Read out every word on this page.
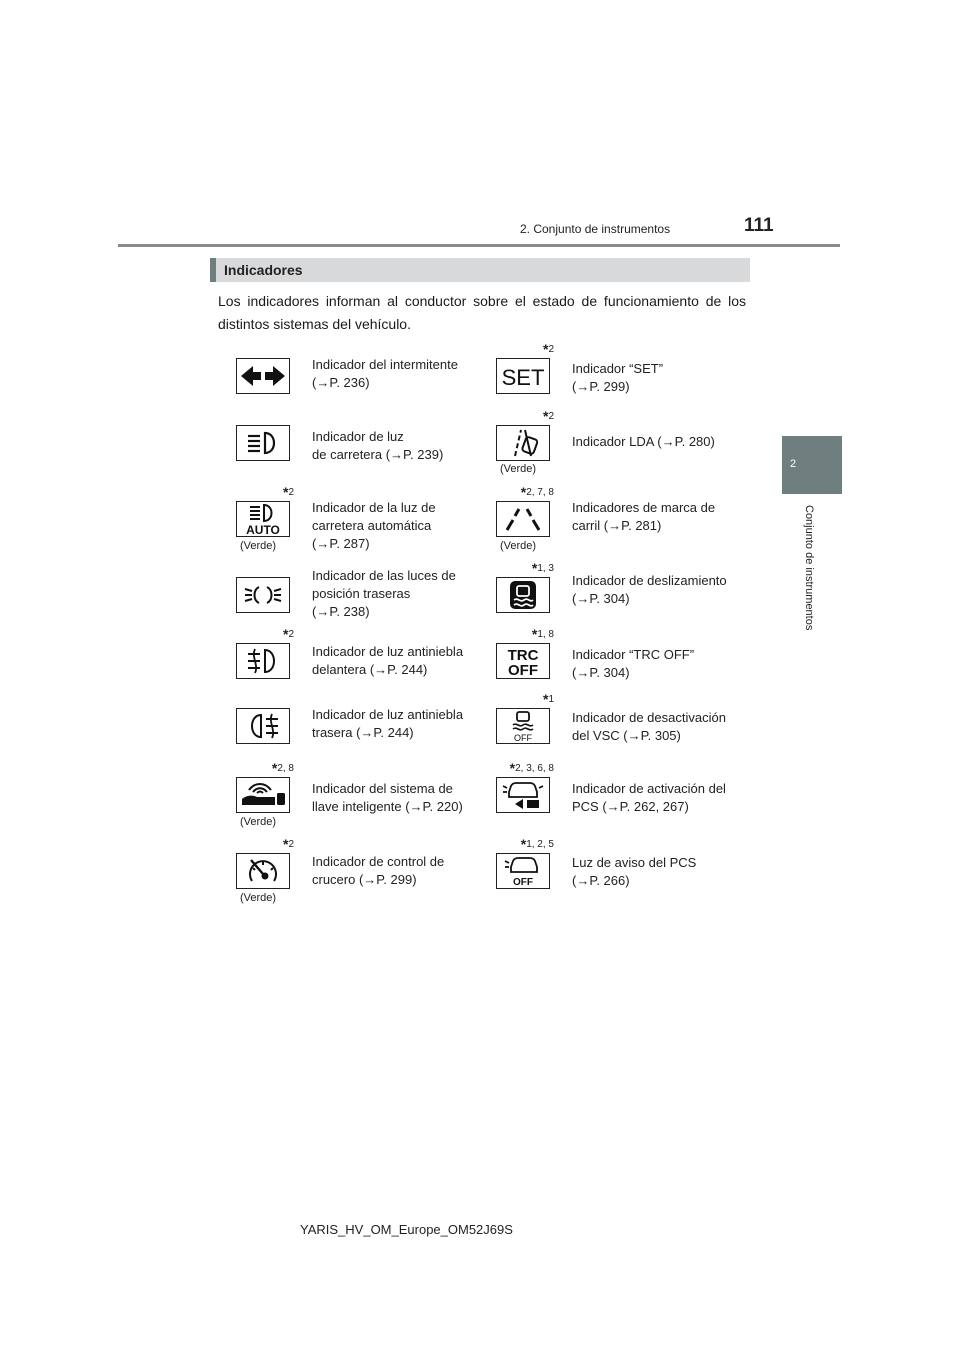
2. Conjunto de instrumentos	111
2
Conjunto de instrumentos
Indicadores
Los indicadores informan al conductor sobre el estado de funcionamiento de los distintos sistemas del vehículo.
Indicador del intermitente
(→P. 236)
Indicador de luz
de carretera (→P. 239)
*2
AUTO
(Verde)
Indicador de la luz de
carretera automática
(→P. 287)
Indicador de las luces de
posición traseras
(→P. 238)
*2
Indicador de luz antiniebla
delantera (→P. 244)
Indicador de luz antiniebla
trasera (→P. 244)
*2, 8
(Verde)
Indicador del sistema de
llave inteligente (→P. 220)
*2
(Verde)
Indicador de control de
crucero (→P. 299)
*2
SET Indicador “SET”
(→P. 299)
*2
(Verde)
Indicador LDA (→P. 280)
*2, 7, 8
(Verde)
Indicadores de marca de
carril (→P. 281)
*1, 3
Indicador de deslizamiento
(→P. 304)
*1, 8
TRC
OFF
Indicador “TRC OFF”
(→P. 304)
*1
OFF
Indicador de desactivación
del VSC (→P. 305)
*2, 3, 6, 8
Indicador de activación del
PCS (→P. 262, 267)
*1, 2, 5
OFF
Luz de aviso del PCS
(→P. 266)
YARIS_HV_OM_Europe_OM52J69S
